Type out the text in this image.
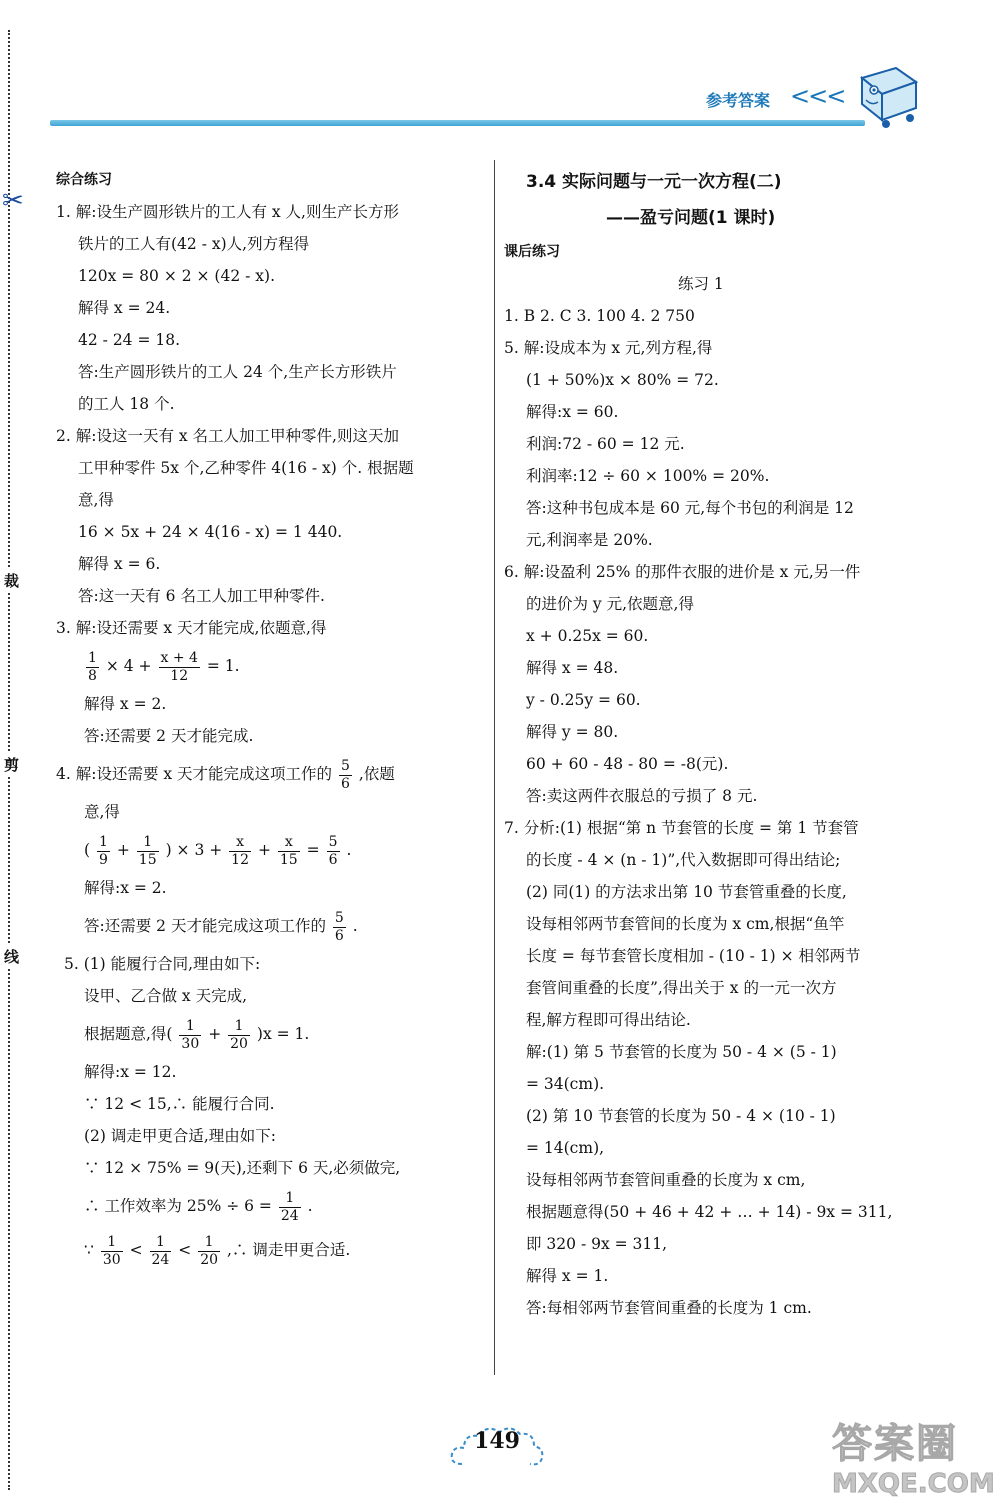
✂
裁
剪
线
参考答案 <<<
综合练习
1. 解:设生产圆形铁片的工人有 x 人,则生产长方形
铁片的工人有(42 - x)人,列方程得
120x = 80 × 2 × (42 - x).
解得 x = 24.
42 - 24 = 18.
答:生产圆形铁片的工人 24 个,生产长方形铁片
的工人 18 个.
2. 解:设这一天有 x 名工人加工甲种零件,则这天加
工甲种零件 5x 个,乙种零件 4(16 - x) 个. 根据题
意,得
16 × 5x + 24 × 4(16 - x) = 1 440.
解得 x = 6.
答:这一天有 6 名工人加工甲种零件.
3. 解:设还需要 x 天才能完成,依题意,得
$\frac{1}{8} \times 4 + \frac{x + 4}{12} = 1$.
解得 x = 2.
答:还需要 2 天才能完成.
4. 解:设还需要 x 天才能完成这项工作的 $\frac{5}{6}$ ,依题
意,得
( $\frac{1}{9} + \frac{1}{15}$ ) × $3 + \frac{x}{12} + \frac{x}{15} = \frac{5}{6}$ .
解得:x = 2.
答:还需要 2 天才能完成这项工作的 $\frac{5}{6}$ .
5. (1) 能履行合同,理由如下:
设甲、乙合做 x 天完成,
根据题意,得( $\frac{1}{30} + \frac{1}{20} )x = 1$.
解得:x = 12.
∵ 12 < 15,∴ 能履行合同.
(2) 调走甲更合适,理由如下:
∵ 12 × 75% = 9(天),还剩下 6 天,必须做完,
∴ 工作效率为 $25\% \div 6 = \frac{1}{24}$ .
∵ $\frac{1}{30} < \frac{1}{24} < \frac{1}{20}$ ,∴ 调走甲更合适.
3.4 实际问题与一元一次方程(二)
——盈亏问题(1 课时)
课后练习
练习 1
1. B 2. C 3. 100 4. 2 750
5. 解:设成本为 x 元,列方程,得
(1 + 50%)x × 80% = 72.
解得:x = 60.
利润:72 - 60 = 12 元.
利润率:12 ÷ 60 × 100% = 20%.
答:这种书包成本是 60 元,每个书包的利润是 12
元,利润率是 20%.
6. 解:设盈利 25% 的那件衣服的进价是 x 元,另一件
的进价为 y 元,依题意,得
x + 0.25x = 60.
解得 x = 48.
y - 0.25y = 60.
解得 y = 80.
60 + 60 - 48 - 80 = -8(元).
答:卖这两件衣服总的亏损了 8 元.
7. 分析:(1) 根据“第 n 节套管的长度 = 第 1 节套管
的长度 - 4 × (n - 1)”,代入数据即可得出结论;
(2) 同(1) 的方法求出第 10 节套管重叠的长度,
设每相邻两节套管间的长度为 x cm,根据“鱼竿
长度 = 每节套管长度相加 - (10 - 1) × 相邻两节
套管间重叠的长度”,得出关于 x 的一元一次方
程,解方程即可得出结论.
解:(1) 第 5 节套管的长度为 50 - 4 × (5 - 1)
= 34(cm).
(2) 第 10 节套管的长度为 50 - 4 × (10 - 1)
= 14(cm),
设每相邻两节套管间重叠的长度为 x cm,
根据题意得(50 + 46 + 42 + … + 14) - 9x = 311,
即 320 - 9x = 311,
解得 x = 1.
答:每相邻两节套管间重叠的长度为 1 cm.
149	答案圈
MXQE.COM
